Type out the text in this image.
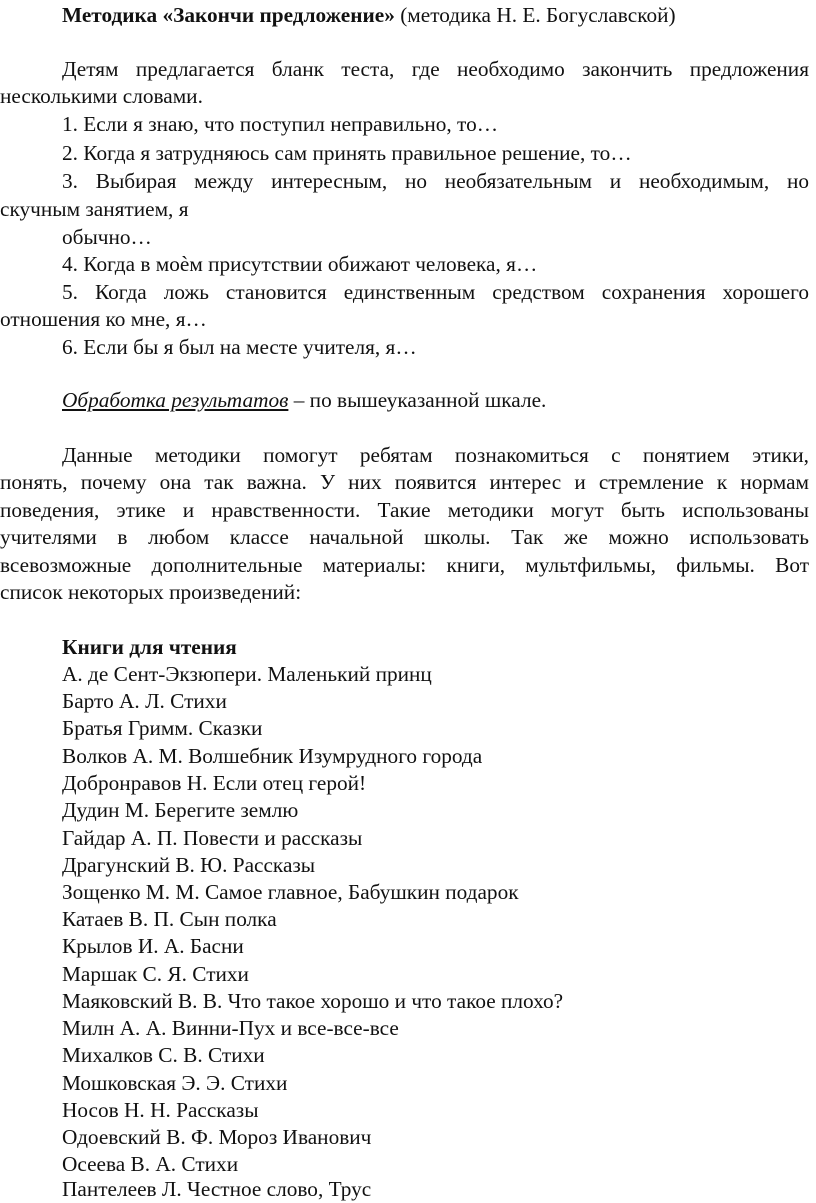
Методика «Закончи предложение» (методика Н. Е. Богуславской)
Детям предлагается бланк теста, где необходимо закончить предложения
несколькими словами.
1. Если я знаю, что поступил неправильно, то…
2. Когда я затрудняюсь сам принять правильное решение, то…
3. Выбирая между интересным, но необязательным и необходимым, но
скучным занятием, я
обычно…
4. Когда в моѐм присутствии обижают человека, я…
5. Когда ложь становится единственным средством сохранения хорошего
отношения ко мне, я…
6. Если бы я был на месте учителя, я…
Обработка результатов – по вышеуказанной шкале.
Данные методики помогут ребятам познакомиться с понятием этики,
понять, почему она так важна. У них появится интерес и стремление к нормам
поведения, этике и нравственности. Такие методики могут быть использованы
учителями в любом классе начальной школы. Так же можно использовать
всевозможные дополнительные материалы: книги, мультфильмы, фильмы. Вот
список некоторых произведений:
Книги для чтения
А. де Сент-Экзюпери. Маленький принц
Барто А. Л. Стихи
Братья Гримм. Сказки
Волков А. М. Волшебник Изумрудного города
Добронравов Н. Если отец герой!
Дудин М. Берегите землю
Гайдар А. П. Повести и рассказы
Драгунский В. Ю. Рассказы
Зощенко М. М. Самое главное, Бабушкин подарок
Катаев В. П. Сын полка
Крылов И. А. Басни
Маршак С. Я. Стихи
Маяковский В. В. Что такое хорошо и что такое плохо?
Милн А. А. Винни-Пух и все-все-все
Михалков С. В. Стихи
Мошковская Э. Э. Стихи
Носов Н. Н. Рассказы
Одоевский В. Ф. Мороз Иванович
Осеева В. А. Стихи
Пантелеев Л. Честное слово, Трус
